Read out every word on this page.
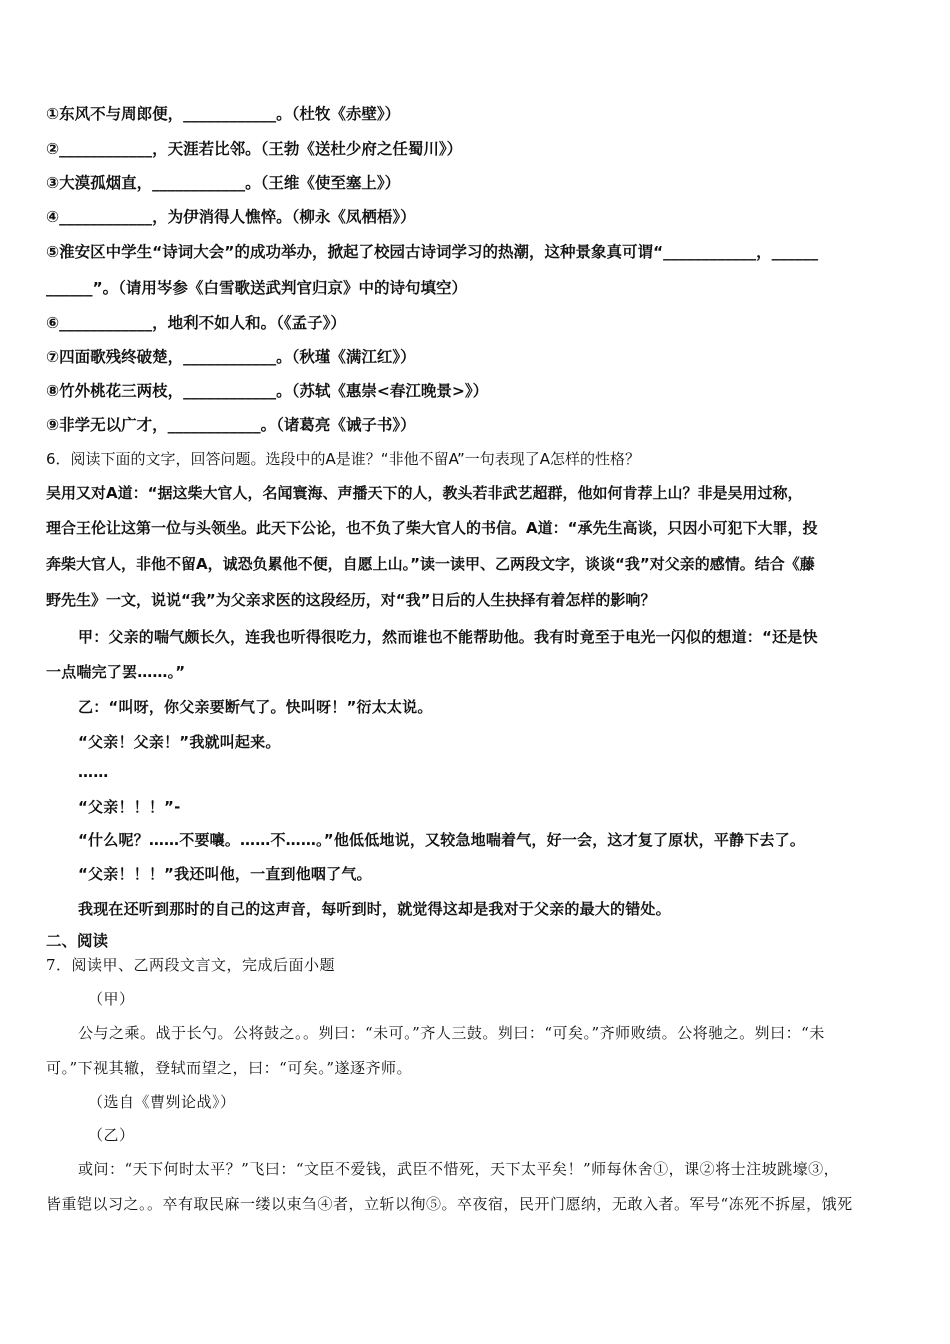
①东风不与周郎便，____________。（杜牧《赤壁》）
②____________，天涯若比邻。（王勃《送杜少府之任蜀川》）
③大漠孤烟直，____________。（王维《使至塞上》）
④____________，为伊消得人憔悴。（柳永《凤栖梧》）
⑤淮安区中学生“诗词大会”的成功举办，掀起了校园古诗词学习的热潮，这种景象真可谓“____________，______
______”。（请用岑参《白雪歌送武判官归京》中的诗句填空）
⑥____________，地利不如人和。（《孟子》）
⑦四面歌残终破楚，____________。（秋瑾《满江红》）
⑧竹外桃花三两枝，____________。（苏轼《惠崇<春江晚景>》）
⑨非学无以广才，____________。（诸葛亮《诫子书》）
6．阅读下面的文字，回答问题。选段中的A是谁？“非他不留A”一句表现了A怎样的性格？
吴用又对A道：“据这柴大官人，名闻寰海、声播天下的人，教头若非武艺超群，他如何肯荐上山？非是吴用过称，
理合王伦让这第一位与头领坐。此天下公论，也不负了柴大官人的书信。A道：“承先生高谈，只因小可犯下大罪，投
奔柴大官人，非他不留A，诚恐负累他不便，自愿上山。”读一读甲、乙两段文字，谈谈“我”对父亲的感情。结合《藤
野先生》一文，说说“我”为父亲求医的这段经历，对“我”日后的人生抉择有着怎样的影响？
甲：父亲的喘气颇长久，连我也听得很吃力，然而谁也不能帮助他。我有时竟至于电光一闪似的想道：“还是快
一点喘完了罢……。”
乙：“叫呀，你父亲要断气了。快叫呀！”衍太太说。
“父亲！父亲！”我就叫起来。
……
“父亲！！！”-
“什么呢？……不要嚷。……不……。”他低低地说，又较急地喘着气，好一会，这才复了原状，平静下去了。
“父亲！！！”我还叫他，一直到他咽了气。
我现在还听到那时的自己的这声音，每听到时，就觉得这却是我对于父亲的最大的错处。
二、阅读
7．阅读甲、乙两段文言文，完成后面小题
（甲）
公与之乘。战于长勺。公将鼓之。。刿曰：“未可。”齐人三鼓。刿曰：“可矣。”齐师败绩。公将驰之。刿曰：“未
可。”下视其辙，登轼而望之，曰：“可矣。”遂逐齐师。
（选自《曹刿论战》）
（乙）
或问：“天下何时太平？”飞曰：“文臣不爱钱，武臣不惜死，天下太平矣！”师每休舍①，课②将士注坡跳壕③，
皆重铠以习之。。卒有取民麻一缕以束刍④者，立斩以徇⑤。卒夜宿，民开门愿纳，无敢入者。军号“冻死不拆屋，饿死
